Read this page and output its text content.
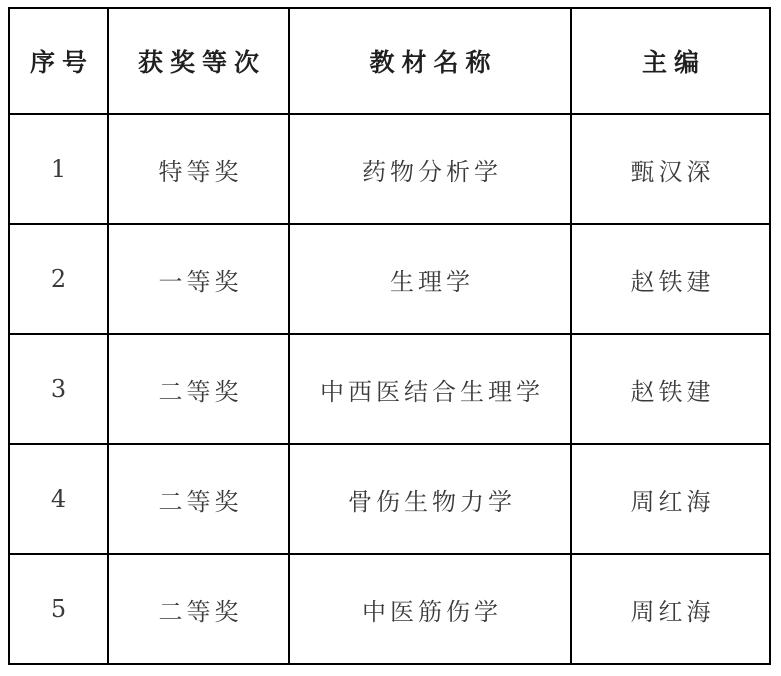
序号	获奖等次	教材名称	主编
1	特等奖	药物分析学	甄汉深
2	一等奖	生理学	赵铁建
3	二等奖	中西医结合生理学	赵铁建
4	二等奖	骨伤生物力学	周红海
5	二等奖	中医筋伤学	周红海
